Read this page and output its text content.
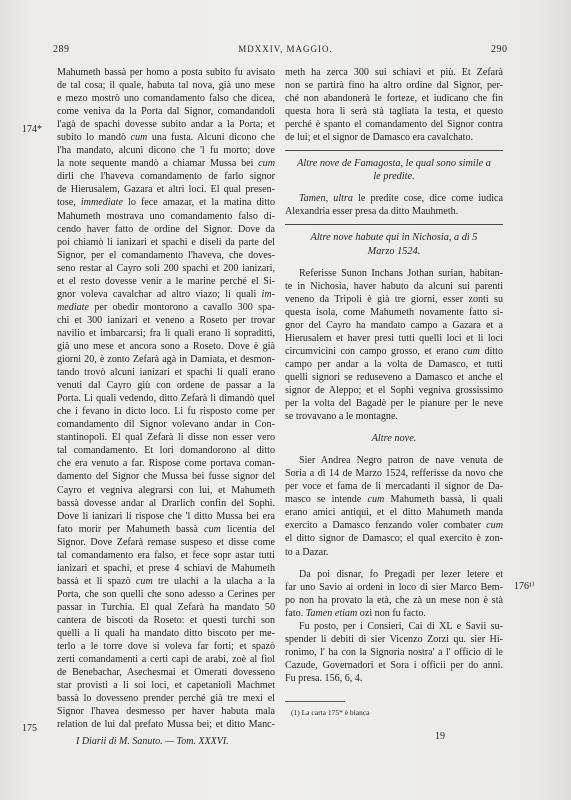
289	MDXXIV, MAGGIO.	290
174*
175
176¹⁾
Mahumeth bassà per homo a posta subito fu avisato
de tal cosa; il quale, habuta tal nova, già uno mese
e mezo mostrò uno comandamento falso che dicea,
come veniva da la Porta dal Signor, comandandoli
l'agà de spachi dovesse subito andar a la Porta; et
subito lo mandò cum una fusta. Alcuni dicono che
l'ha mandato, alcuni dicono che 'l fu morto; dove
la note sequente mandò a chiamar Mussa bei cum
dirli che l'haveva comandamento de farlo signor
de Hierusalem, Gazara et altri loci. El qual presen-
tose, immediate lo fece amazar, et la matina ditto
Mahumeth mostrava uno comandamento falso di-
cendo haver fatto de ordine del Signor. Dove da
poi chiamò li ianizari et spachi e diseli da parte del
Signor, per el comandamento l'haveva, che doves-
seno restar al Cayro soli 200 spachi et 200 ianizari,
et el resto dovesse venir a le marine perché el Si-
gnor voleva cavalchar ad altro viazo; li quali im-
mediate per obedir montorono a cavallo 300 spa-
chi et 300 ianizari et veneno a Roseto per trovar
navilio et imbarcarsi; fra li quali erano li sopraditti,
già uno mese et ancora sono a Roseto. Dove è già
giorni 20, è zonto Zefarà agà in Damiata, et desmon-
tando trovò alcuni ianizari et spachi li quali erano
venuti dal Cayro giù con ordene de passar a la
Porta. Li quali vedendo, ditto Zefarà li dimandò quel
che i fevano in dicto loco. Li fu risposto come per
comandamento dil Signor volevano andar in Con-
stantinopoli. El qual Zefarà li disse non esser vero
tal comandamento. Et lori domandorono al ditto
che era venuto a far. Rispose come portava coman-
damento del Signor che Mussa bei fusse signor del
Cayro et vegniva alegrarsi con lui, et Mahumeth
bassà dovesse andar al Drarlich confin del Sophi.
Dove li ianizari li rispose che 'l ditto Mussa bei era
fato morir per Mahumeth bassà cum licentia del
Signor. Dove Zefarà remase suspeso et disse come
tal comandamento era falso, et fece sopr astar tutti
ianizari et spachi, et prese 4 schiavi de Mahumeth
bassà et li spazò cum tre ulachi a la ulacha a la
Porta, che son quelli che sono adesso a Cerines per
passar in Turchia. El qual Zefarà ha mandato 50
cantera de biscoti da Roseto: et questi turchi son
quelli a li quali ha mandato ditto biscoto per me-
terlo a le torre dove si voleva far forti; et spazò
zerti comandamenti a certi capi de arabi, zoè al fiol
de Benebachar, Asechesmai et Omerati dovesseno
star provisti a li soi loci, et capetanioli Machmet
bassà lo dovesseno prender perché già tre mexi el
Signor l'havea desmesso per haver habuta mala
relation de lui dal prefato Mussa bei; et ditto Manc-
meth ha zerca 300 sui schiavi et più. Et Zefarà
non se partirà fino ha altro ordine dal Signor, per-
ché non abandonerà le forteze, et iudicano che fin
questa hora li serà stà tagliata la testa, et questo
perché è spanto el comandamento del Signor contra
de lui; et el signor de Damasco era cavalchato.
Altre nove de Famagosta, le qual sono simile a
le predite.
Tamen, ultra le predite cose, dice come iudica
Alexandria esser presa da ditto Mauhmeth.
Altre nove habute qui in Nichosia, a dì 5
Marzo 1524.
Referisse Sunon Inchans Jothan surian, habitan-
te in Nichosia, haver habuto da alcuni sui parenti
veneno da Tripoli è già tre giorni, esser zonti su
questa isola, come Mahumeth novamente fatto si-
gnor del Cayro ha mandato campo a Gazara et a
Hierusalem et haver presi tutti quelli loci et li loci
circumvicini con campo grosso, et erano cum ditto
campo per andar a la volta de Damasco, et tutti
quelli signori se reduseveno a Damasco et anche el
signor de Aleppo; et el Sophì vegniva grossissimo
per la volta del Bagadè per le pianure per le neve
se trovavano a le montagne.
Altre nove.
Sier Andrea Negro patron de nave venuta de
Soria a dì 14 de Marzo 1524, refferisse da novo che
per voce et fama de li mercadanti il signor de Da-
masco se intende cum Mahumeth bassà, li quali
erano amici antiqui, et el ditto Mahumeth manda
exercito a Damasco fenzando voler combater cum
el ditto signor de Damasco; el qual exercito è zon-
to a Dazar.
Da poi disnar, fo Pregadi per lezer letere et
far uno Savio ai ordeni in loco di sier Marco Bem-
po non ha provato la età, che zà un mese non è stà
fato. Tamen etiam ozi non fu facto.
Fu posto, per i Consieri, Cai di XL e Savii su-
spender li debiti di sier Vicenzo Zorzi qu. sier Hi-
ronimo, l' ha con la Signoria nostra' a l' officio di le
Cazude, Governadori et Sora i officii per do anni.
Fu presa. 156, 6, 4.
(1) La carta 175* è bianca
I Diarii di M. Sanuto. — Tom. XXXVI.	19
